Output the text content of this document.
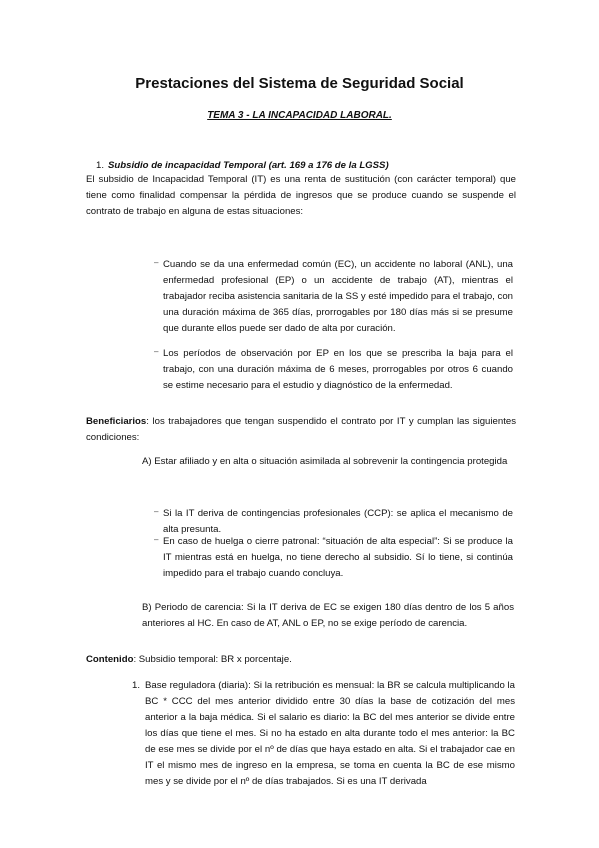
Prestaciones del Sistema de Seguridad Social
TEMA 3 - LA INCAPACIDAD LABORAL.
1. Subsidio de incapacidad Temporal (art. 169 a 176 de la LGSS)
El subsidio de Incapacidad Temporal (IT) es una renta de sustitución (con carácter temporal) que tiene como finalidad compensar la pérdida de ingresos que se produce cuando se suspende el contrato de trabajo en alguna de estas situaciones:
– Cuando se da una enfermedad común (EC), un accidente no laboral (ANL), una enfermedad profesional (EP) o un accidente de trabajo (AT), mientras el trabajador reciba asistencia sanitaria de la SS y esté impedido para el trabajo, con una duración máxima de 365 días, prorrogables por 180 días más si se presume que durante ellos puede ser dado de alta por curación.
– Los períodos de observación por EP en los que se prescriba la baja para el trabajo, con una duración máxima de 6 meses, prorrogables por otros 6 cuando se estime necesario para el estudio y diagnóstico de la enfermedad.
Beneficiarios: los trabajadores que tengan suspendido el contrato por IT y cumplan las siguientes condiciones:
A) Estar afiliado y en alta o situación asimilada al sobrevenir la contingencia protegida
– Si la IT deriva de contingencias profesionales (CCP): se aplica el mecanismo de alta presunta.
– En caso de huelga o cierre patronal: “situación de alta especial”: Si se produce la IT mientras está en huelga, no tiene derecho al subsidio. Sí lo tiene, si continúa impedido para el trabajo cuando concluya.
B) Periodo de carencia: Si la IT deriva de EC se exigen 180 días dentro de los 5 años anteriores al HC. En caso de AT, ANL o EP, no se exige período de carencia.
Contenido: Subsidio temporal: BR x porcentaje.
1. Base reguladora (diaria): Si la retribución es mensual: la BR se calcula multiplicando la BC * CCC del mes anterior dividido entre 30 días la base de cotización del mes anterior a la baja médica. Si el salario es diario: la BC del mes anterior se divide entre los días que tiene el mes. Si no ha estado en alta durante todo el mes anterior: la BC de ese mes se divide por el nº de días que haya estado en alta. Si el trabajador cae en IT el mismo mes de ingreso en la empresa, se toma en cuenta la BC de ese mismo mes y se divide por el nº de días trabajados. Si es una IT derivada
